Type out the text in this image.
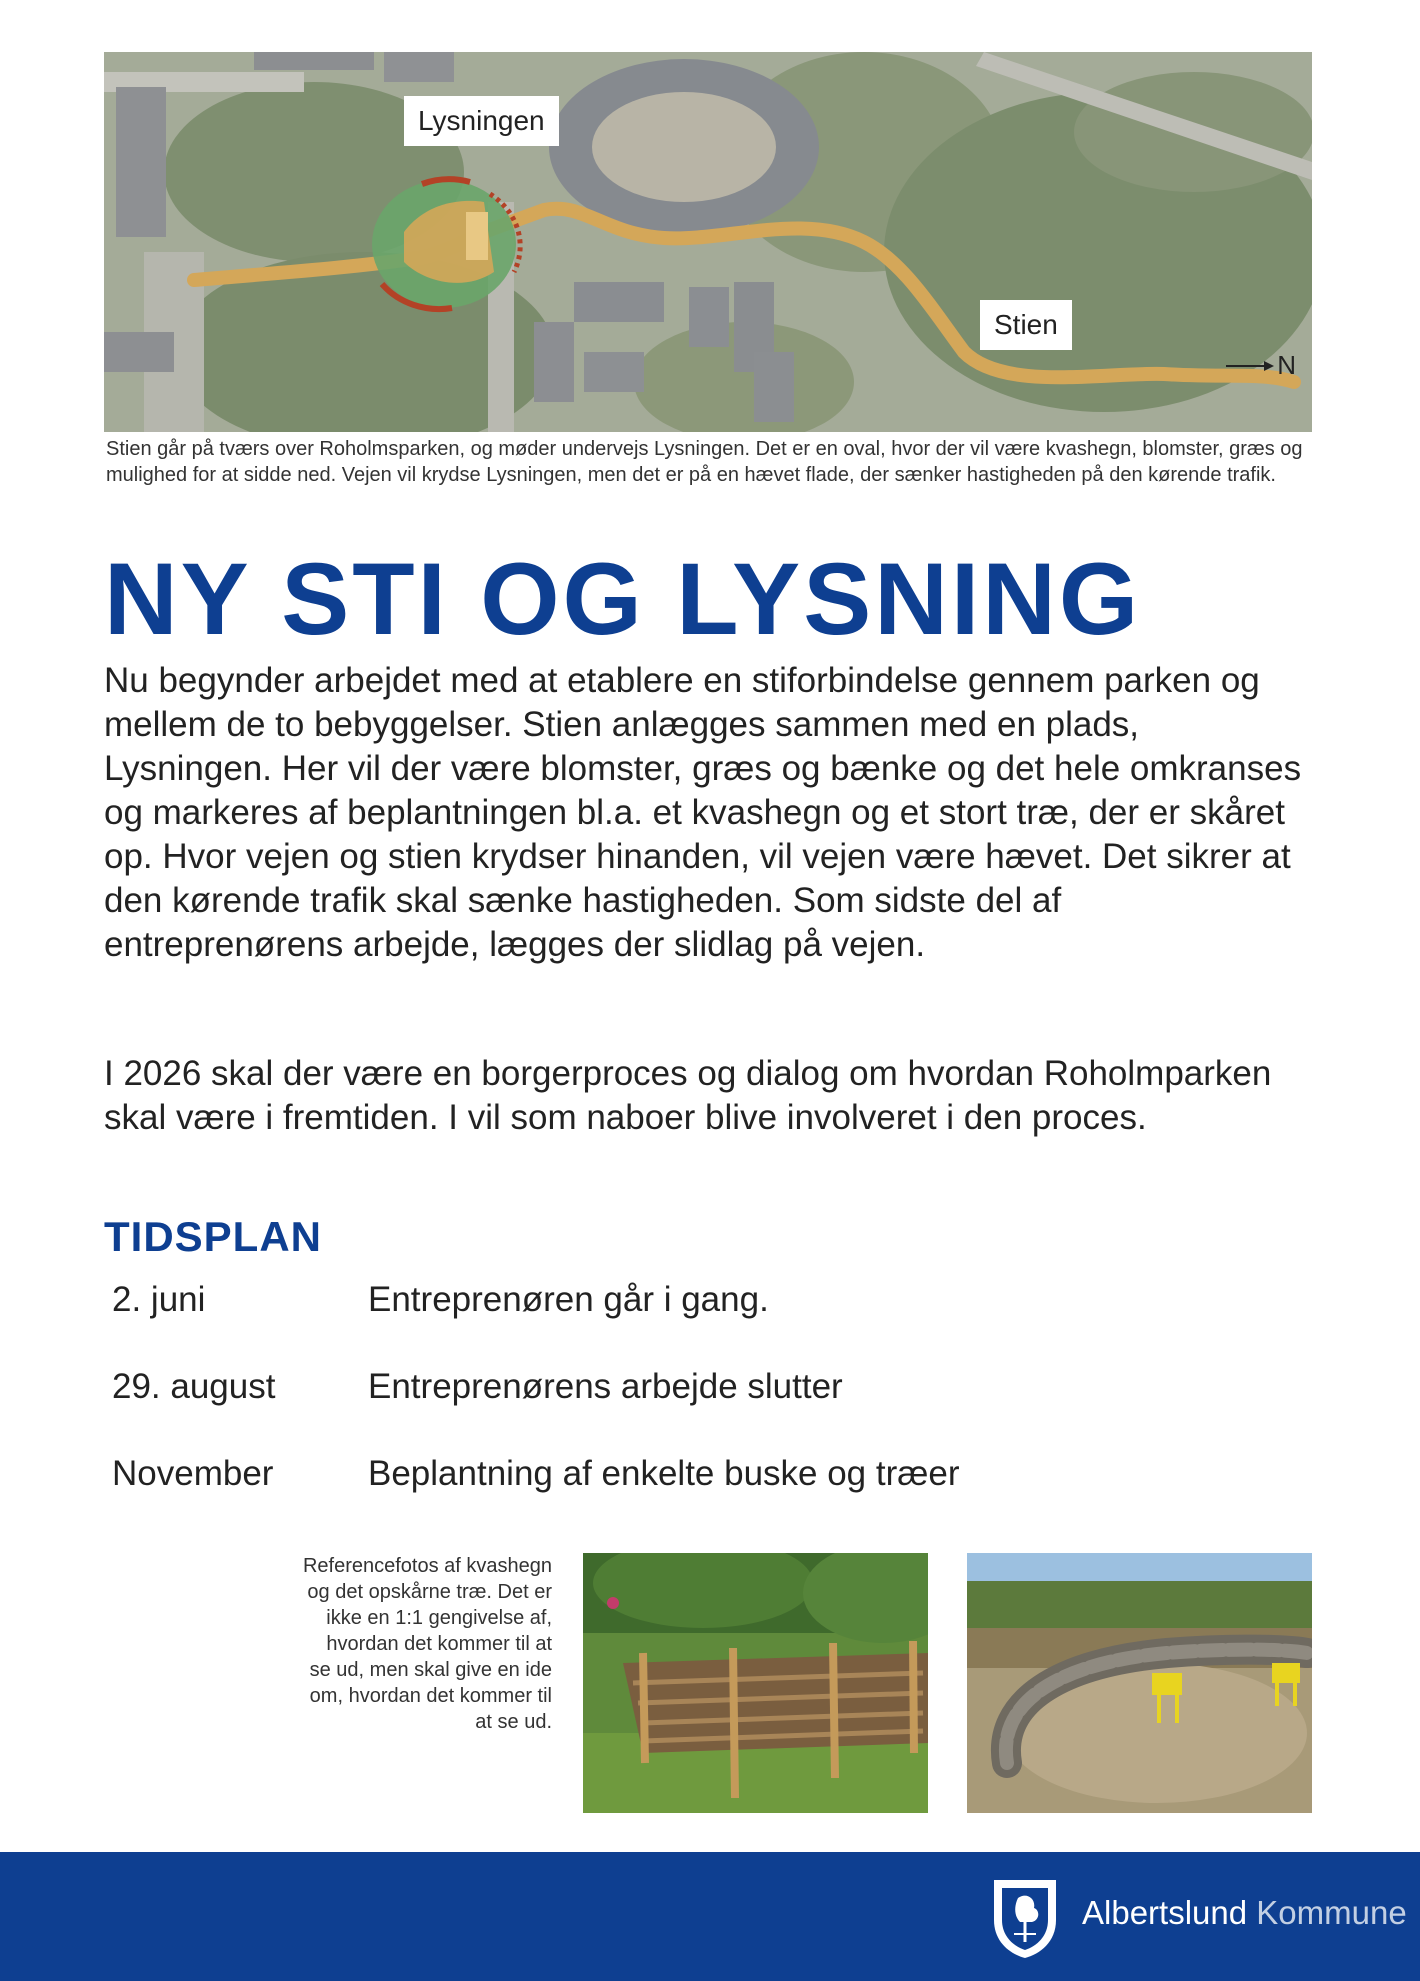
Lysningen
Stien
N
Stien går på tværs over Roholmsparken, og møder undervejs Lysningen. Det er en oval, hvor der vil være kvashegn, blomster, græs og mulighed for at sidde ned. Vejen vil krydse Lysningen, men det er på en hævet flade, der sænker hastigheden på den kørende trafik.
NY STI OG LYSNING

Nu begynder arbejdet med at etablere en stiforbindelse gennem parken og mellem de to bebyggelser. Stien anlægges sammen med en plads, Lysningen. Her vil der være blomster, græs og bænke og det hele omkranses og markeres af beplantningen bl.a. et kvashegn og et stort træ, der er skåret op. Hvor vejen og stien krydser hinanden, vil vejen være hævet. Det sikrer at den kørende trafik skal sænke hastigheden. Som sidste del af entreprenørens arbejde, lægges der slidlag på vejen.

I 2026 skal der være en borgerproces og dialog om hvordan Roholmparken skal være i fremtiden. I vil som naboer blive involveret i den proces.

TIDSPLAN
2. juni	Entreprenøren går i gang.
29. august	Entreprenørens arbejde slutter
November	Beplantning af enkelte buske og træer
Referencefotos af kvashegn og det opskårne træ. Det er ikke en 1:1 gengivelse af, hvordan det kommer til at se ud, men skal give en ide om, hvordan det kommer til at se ud.
Albertslund Kommune
